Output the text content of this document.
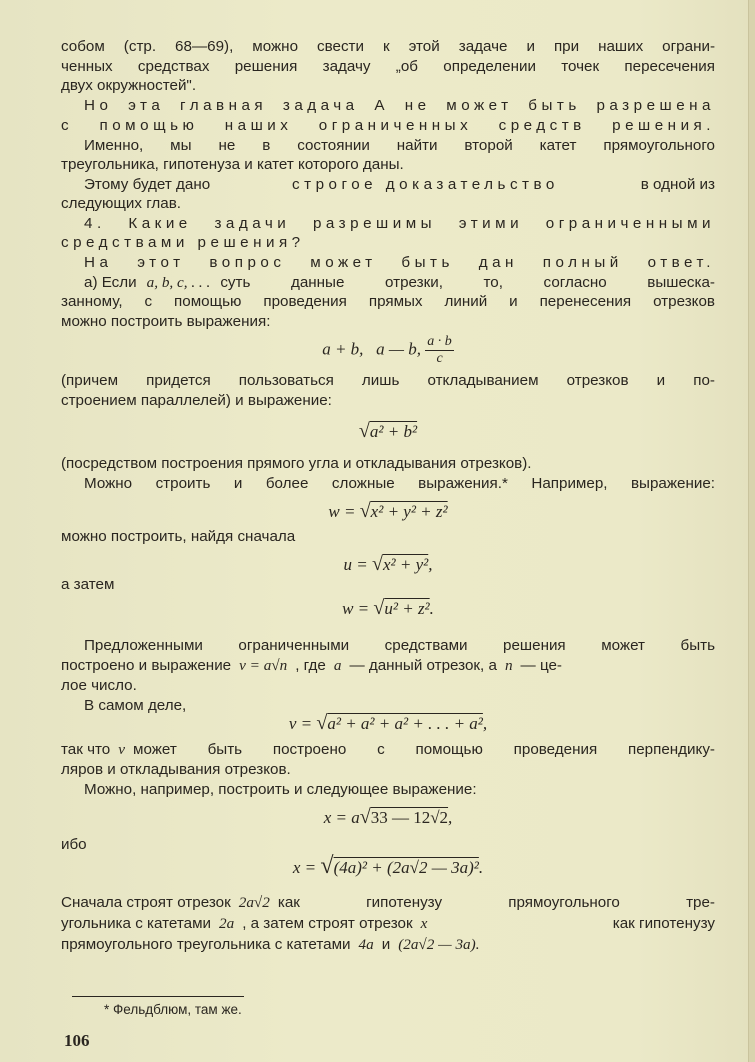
собом (стр. 68—69), можно свести к этой задаче и при наших ограни-
ченных средствах решения задачу „об определении точек пересечения
двух окружностей".
Но эта главная задача А не может быть разрешена
с помощью наших ограниченных средств решения.
Именно, мы не в состоянии найти второй катет прямоугольного
треугольника, гипотенуза и катет которого даны.
Этому будет дано	строгое доказательство	в одной из
следующих глав.
4. Какие задачи разрешимы этими ограниченными
средствами решения?
На этот вопрос может быть дан полный ответ.
а) Если a, b, c, . . . суть данные отрезки, то, согласно вышеска-
занному, с помощью проведения прямых линий и перенесения отрезков
можно построить выражения:
a + b, a — b, $\frac{a \cdot b}{c}$
(причем придется пользоваться лишь откладыванием отрезков и по-
строением параллелей) и выражение:
√a² + b²
(посредством построения прямого угла и откладывания отрезков).
Можно строить и более сложные выражения.* Например, выражение:
w = √x² + y² + z²
можно построить, найдя сначала
u = √x² + y²,
а затем
w = √u² + z².
Предложенными ограниченными средствами решения может быть
построено и выражение v = a√n , где a — данный отрезок, а n — це-
лое число.
В самом деле,
v = √a² + a² + a² + . . . + a²,
так что v может быть построено с помощью проведения перпендику-
ляров и откладывания отрезков.
Можно, например, построить и следующее выражение:
x = a√33 — 12√2,
ибо
x = √(4a)² + (2a√2 — 3a)².
Сначала строят отрезок 2a√2 как гипотенузу прямоугольного тре-
угольника с катетами 2a , а затем строят отрезок x	как гипотенузу
прямоугольного треугольника с катетами 4a и (2a√2 — 3a).
* Фельдблюм, там же.
106
